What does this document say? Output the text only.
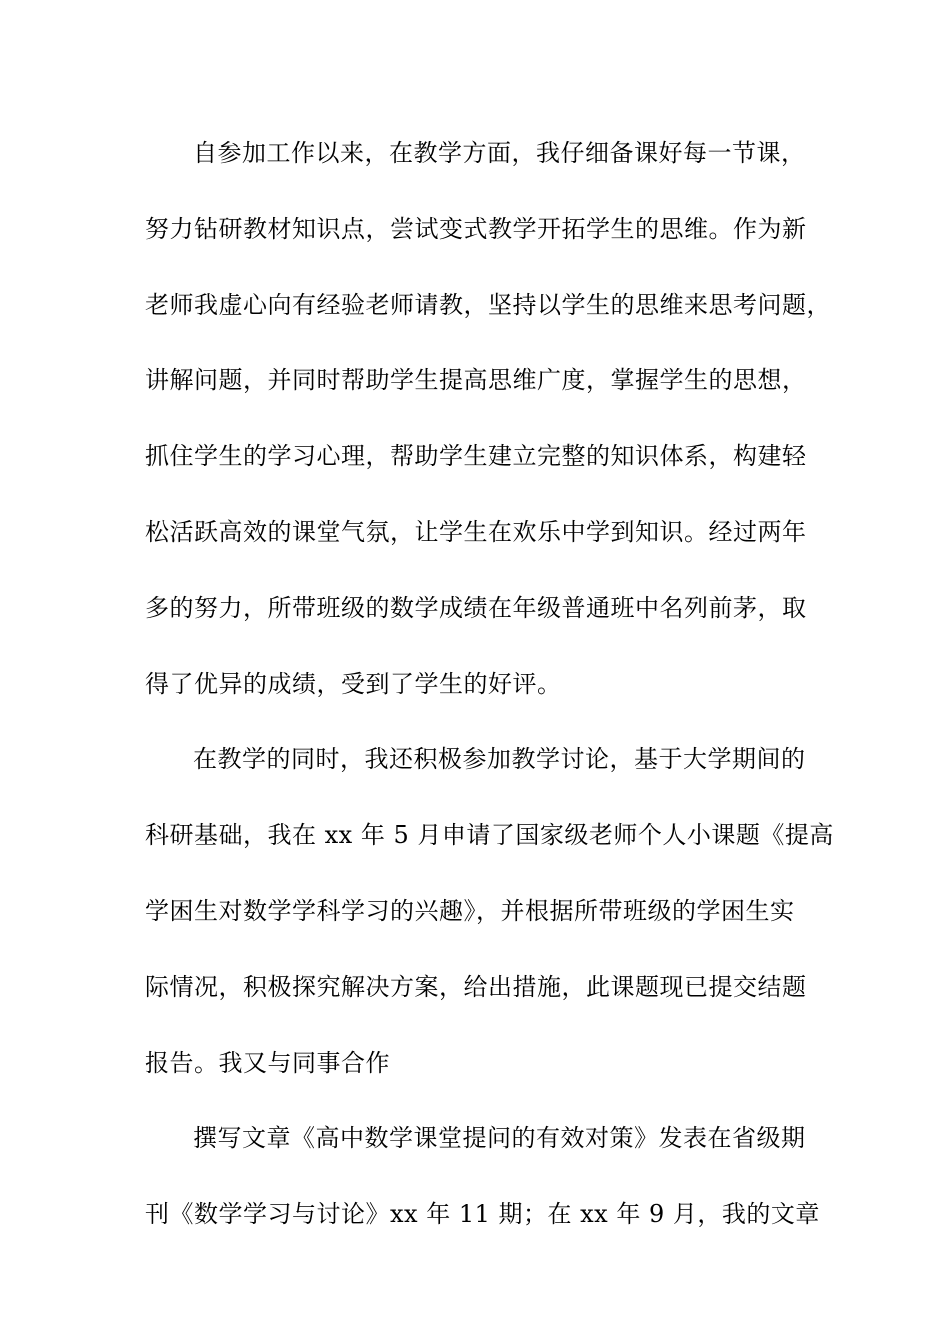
自参加工作以来，在教学方面，我仔细备课好每一节课，
努力钻研教材知识点，尝试变式教学开拓学生的思维。作为新
老师我虚心向有经验老师请教，坚持以学生的思维来思考问题，
讲解问题，并同时帮助学生提高思维广度，掌握学生的思想，
抓住学生的学习心理，帮助学生建立完整的知识体系，构建轻
松活跃高效的课堂气氛，让学生在欢乐中学到知识。经过两年
多的努力，所带班级的数学成绩在年级普通班中名列前茅，取
得了优异的成绩，受到了学生的好评。
在教学的同时，我还积极参加教学讨论，基于大学期间的
科研基础，我在 xx 年 5 月申请了国家级老师个人小课题《提高
学困生对数学学科学习的兴趣》，并根据所带班级的学困生实
际情况，积极探究解决方案，给出措施，此课题现已提交结题
报告。我又与同事合作
撰写文章《高中数学课堂提问的有效对策》发表在省级期
刊《数学学习与讨论》xx 年 11 期；在 xx 年 9 月，我的文章
